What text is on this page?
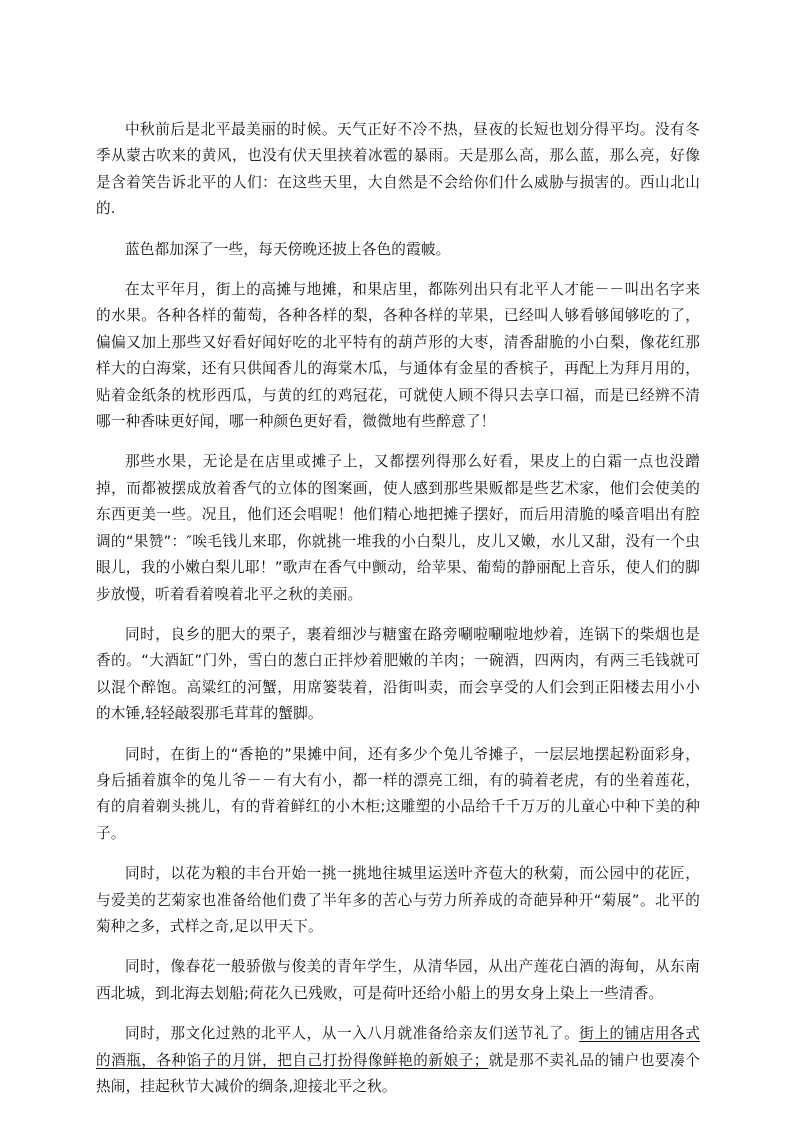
中秋前后是北平最美丽的时候。天气正好不冷不热，昼夜的长短也划分得平均。没有冬季从蒙古吹来的黄风，也没有伏天里挟着冰雹的暴雨。天是那么高，那么蓝，那么亮，好像是含着笑告诉北平的人们：在这些天里，大自然是不会给你们什么威胁与损害的。西山北山的.

蓝色都加深了一些，每天傍晚还披上各色的霞帔。

在太平年月，街上的高摊与地摊，和果店里，都陈列出只有北平人才能－－叫出名字来的水果。各种各样的葡萄，各种各样的梨，各种各样的苹果，已经叫人够看够闻够吃的了，偏偏又加上那些又好看好闻好吃的北平特有的葫芦形的大枣，清香甜脆的小白梨，像花红那样大的白海棠，还有只供闻香儿的海棠木瓜，与通体有金星的香槟子，再配上为拜月用的，贴着金纸条的枕形西瓜，与黄的红的鸡冠花，可就使人顾不得只去享口福，而是已经辨不清哪一种香味更好闻，哪一种颜色更好看，微微地有些醉意了！

那些水果，无论是在店里或摊子上，又都摆列得那么好看，果皮上的白霜一点也没蹭掉，而都被摆成放着香气的立体的图案画，使人感到那些果贩都是些艺术家，他们会使美的东西更美一些。况且，他们还会唱呢！他们精心地把摊子摆好，而后用清脆的嗓音唱出有腔调的“果赞”：″唉毛钱儿来耶，你就挑一堆我的小白梨儿，皮儿又嫩，水儿又甜，没有一个虫眼儿，我的小嫩白梨儿耶！”歌声在香气中颤动，给苹果、葡萄的静丽配上音乐，使人们的脚步放慢，听着看着嗅着北平之秋的美丽。

同时，良乡的肥大的栗子，裹着细沙与糖蜜在路旁唰啦唰啦地炒着，连锅下的柴烟也是香的。“大酒缸”门外，雪白的葱白正拌炒着肥嫩的羊肉；一碗酒，四两肉，有两三毛钱就可以混个醉饱。高粱红的河蟹，用席篓装着，沿街叫卖，而会享受的人们会到正阳楼去用小小的木锤,轻轻敲裂那毛茸茸的蟹脚。

同时，在街上的“香艳的”果摊中间，还有多少个兔儿爷摊子，一层层地摆起粉面彩身，身后插着旗伞的兔儿爷－－有大有小，都一样的漂亮工细，有的骑着老虎，有的坐着莲花，有的肩着剃头挑儿，有的背着鲜红的小木柜;这雕塑的小品给千千万万的儿童心中种下美的种子。

同时，以花为粮的丰台开始一挑一挑地往城里运送叶齐苞大的秋菊，而公园中的花匠，与爱美的艺菊家也准备给他们费了半年多的苦心与劳力所养成的奇葩异种开“菊展”。北平的菊种之多，式样之奇,足以甲天下。

同时，像春花一般骄傲与俊美的青年学生，从清华园，从出产莲花白酒的海甸，从东南西北城，到北海去划船;荷花久已残败，可是荷叶还给小船上的男女身上染上一些清香。

同时，那文化过熟的北平人，从一入八月就准备给亲友们送节礼了。街上的铺店用各式的酒瓶，各种馅子的月饼，把自己打扮得像鲜艳的新娘子；就是那不卖礼品的铺户也要凑个热闹，挂起秋节大减价的绸条,迎接北平之秋。
